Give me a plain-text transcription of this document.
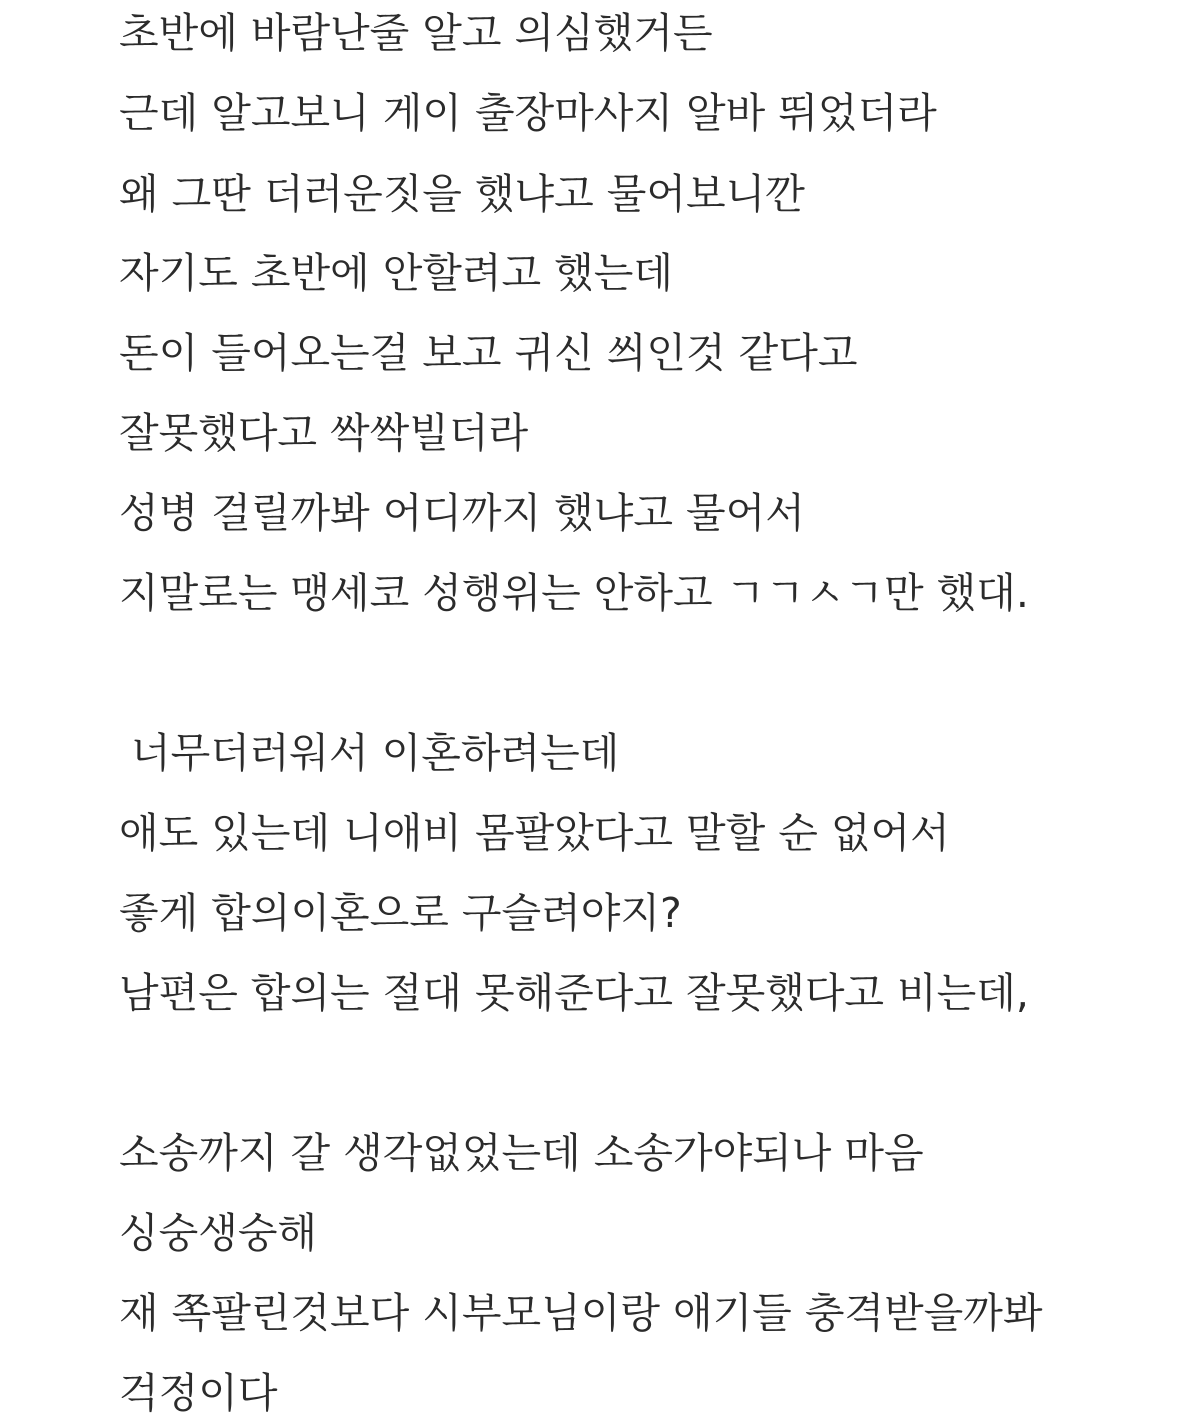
초반에 바람난줄 알고 의심했거든
근데 알고보니 게이 출장마사지 알바 뛰었더라
왜 그딴 더러운짓을 했냐고 물어보니깐
자기도 초반에 안할려고 했는데
돈이 들어오는걸 보고 귀신 씌인것 같다고
잘못했다고 싹싹빌더라
성병 걸릴까봐 어디까지 했냐고 물어서
지말로는 맹세코 성행위는 안하고 ㄱㄱㅅㄱ만 했대.
너무더러워서 이혼하려는데
애도 있는데 니애비 몸팔았다고 말할 순 없어서
좋게 합의이혼으로 구슬려야지?
남편은 합의는 절대 못해준다고 잘못했다고 비는데,
소송까지 갈 생각없었는데 소송가야되나 마음
싱숭생숭해
재 쪽팔린것보다 시부모님이랑 애기들 충격받을까봐
걱정이다
